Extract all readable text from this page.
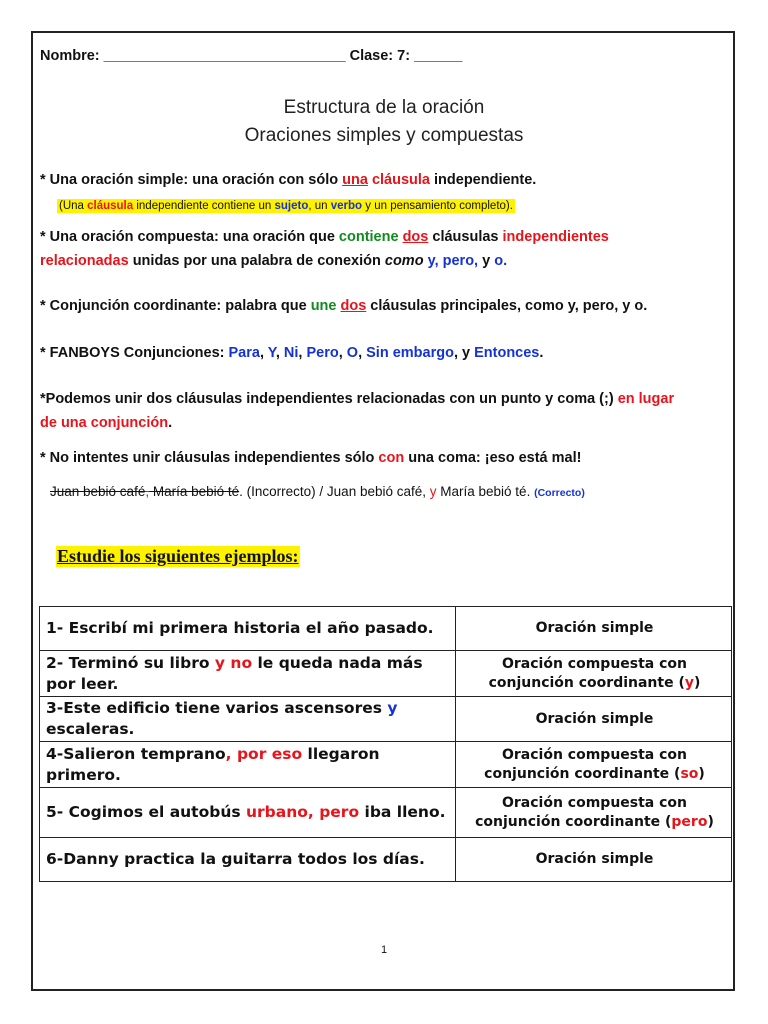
Nombre: ______________________________ Clase: 7: ______
Estructura de la oración
Oraciones simples y compuestas
* Una oración simple: una oración con sólo una cláusula independiente.
(Una cláusula independiente contiene un sujeto, un verbo y un pensamiento completo).
* Una oración compuesta: una oración que contiene dos cláusulas independientes
relacionadas unidas por una palabra de conexión como y, pero, y o.
* Conjunción coordinante: palabra que une dos cláusulas principales, como y, pero, y o.
* FANBOYS Conjunciones: Para, Y, Ni, Pero, O, Sin embargo, y Entonces.
*Podemos unir dos cláusulas independientes relacionadas con un punto y coma (;) en lugar
de una conjunción.
* No intentes unir cláusulas independientes sólo con una coma: ¡eso está mal!
Juan bebió café, María bebió té. (Incorrecto) / Juan bebió café, y María bebió té. (Correcto)
Estudie los siguientes ejemplos:
1- Escribí mi primera historia el año pasado.	Oración simple
2- Terminó su libro y no le queda nada más por leer.	Oración compuesta con conjunción coordinante (y)
3-Este edificio tiene varios ascensores y escaleras.	Oración simple
4-Salieron temprano, por eso llegaron primero.	Oración compuesta con conjunción coordinante (so)
5- Cogimos el autobús urbano, pero iba lleno.	Oración compuesta con conjunción coordinante (pero)
6-Danny practica la guitarra todos los días.	Oración simple
1
